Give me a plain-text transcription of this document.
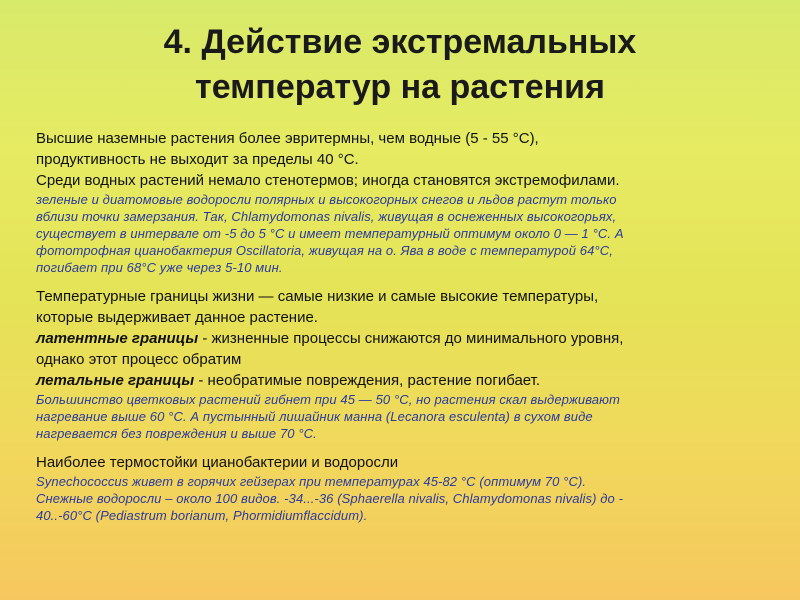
4. Действие экстремальных
температур на растения

Высшие наземные растения более эвритермны, чем водные (5 - 55 °С),
продуктивность не выходит за пределы 40 °С.

Среди водных растений немало стенотермов; иногда становятся экстремофилами.

зеленые и диатомовые водоросли полярных и высокогорных снегов и льдов растут только
вблизи точки замерзания. Так, Chlamydomonas nivalis, живущая в оснеженных высокогорьях,
существует в интервале от -5 до 5 °С и имеет температурный оптимум около 0 — 1 °С. А
фототрофная цианобактерия Oscillatoria, живущая на о. Ява в воде с температурой 64°С,
погибает при 68°С уже через 5-10 мин.

Температурные границы жизни — самые низкие и самые высокие температуры,
которые выдерживает данное растение.

латентные границы - жизненные процессы снижаются до минимального уровня,
однако этот процесс обратим

летальные границы - необратимые повреждения, растение погибает.

Большинство цветковых растений гибнет при 45 — 50 °С, но растения скал выдерживают
нагревание выше 60 °С. А пустынный лишайник манна (Lecanora esculenta) в сухом виде
нагревается без повреждения и выше 70 °С.

Наиболее термостойки цианобактерии и водоросли

Synechococcus живет в горячих гейзерах при температурах 45-82 °С (оптимум 70 °С).
Снежные водоросли – около 100 видов. -34...-36 (Sphaerella nivalis, Chlamydomonas nivalis) до -
40..-60°С (Pediastrum borianum, Phormidiumflaccidum).
